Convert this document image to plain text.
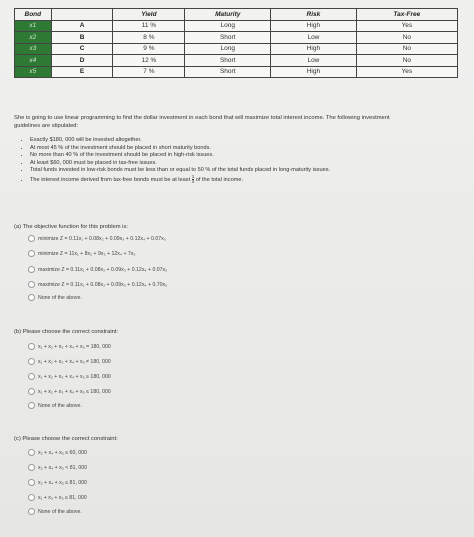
Bond		Yield	Maturity	Risk	Tax-Free
x1	A	11 %	Long	High	Yes
x2	B	8 %	Short	Low	No
x3	C	9 %	Long	High	No
x4	D	12 %	Short	Low	No
x5	E	7 %	Short	High	Yes
She is going to use linear programming to find the dollar investment in each bond that will maximize total interest income. The following investment guidelines are stipulated:
• Exactly $180, 000 will be invested altogether.
• At most 45 % of the investment should be placed in short maturity bonds.
• No more than 40 % of the investment should be placed in high-risk issues.
• At least $60, 000 must be placed in tax-free issues.
• Total funds invested in low-risk bonds must be less than or equal to 50 % of the total funds placed in long-maturity issues.
• The interest income derived from tax-free bonds must be at least $\frac{1}{4}$ of the total income.
(a) The objective function for this problem is:
minimize Z = 0.11x₁ + 0.08x₂ + 0.09x₃ + 0.12x₄ + 0.07x₅
minimize Z = 11x₁ + 8x₂ + 9x₃ + 12x₄ + 7x₅
maximize Z = 0.11x₁ + 0.08x₂ + 0.09x₃ + 0.12x₄ + 0.07x₅
maximize Z = 0.11x₁ + 0.08x₂ + 0.09x₃ + 0.12x₄ + 0.70x₅
None of the above.
(b) Please choose the correct constraint:
x₁ + x₂ + x₃ + x₄ + x₅ = 180, 000
x₁ + x₂ + x₃ + x₄ + x₅ ≠ 180, 000
x₁ + x₂ + x₃ + x₄ + x₅ ≥ 180, 000
x₁ + x₂ + x₃ + x₄ + x₅ ≤ 180, 000
None of the above.
(c) Please choose the correct constraint:
x₂ + x₄ + x₅ ≤ 60, 000
x₂ + x₄ + x₅ < 81, 000
x₂ + x₄ + x₅ ≤ 81, 000
x₁ + x₃ + x₅ ≤ 81, 000
None of the above.
